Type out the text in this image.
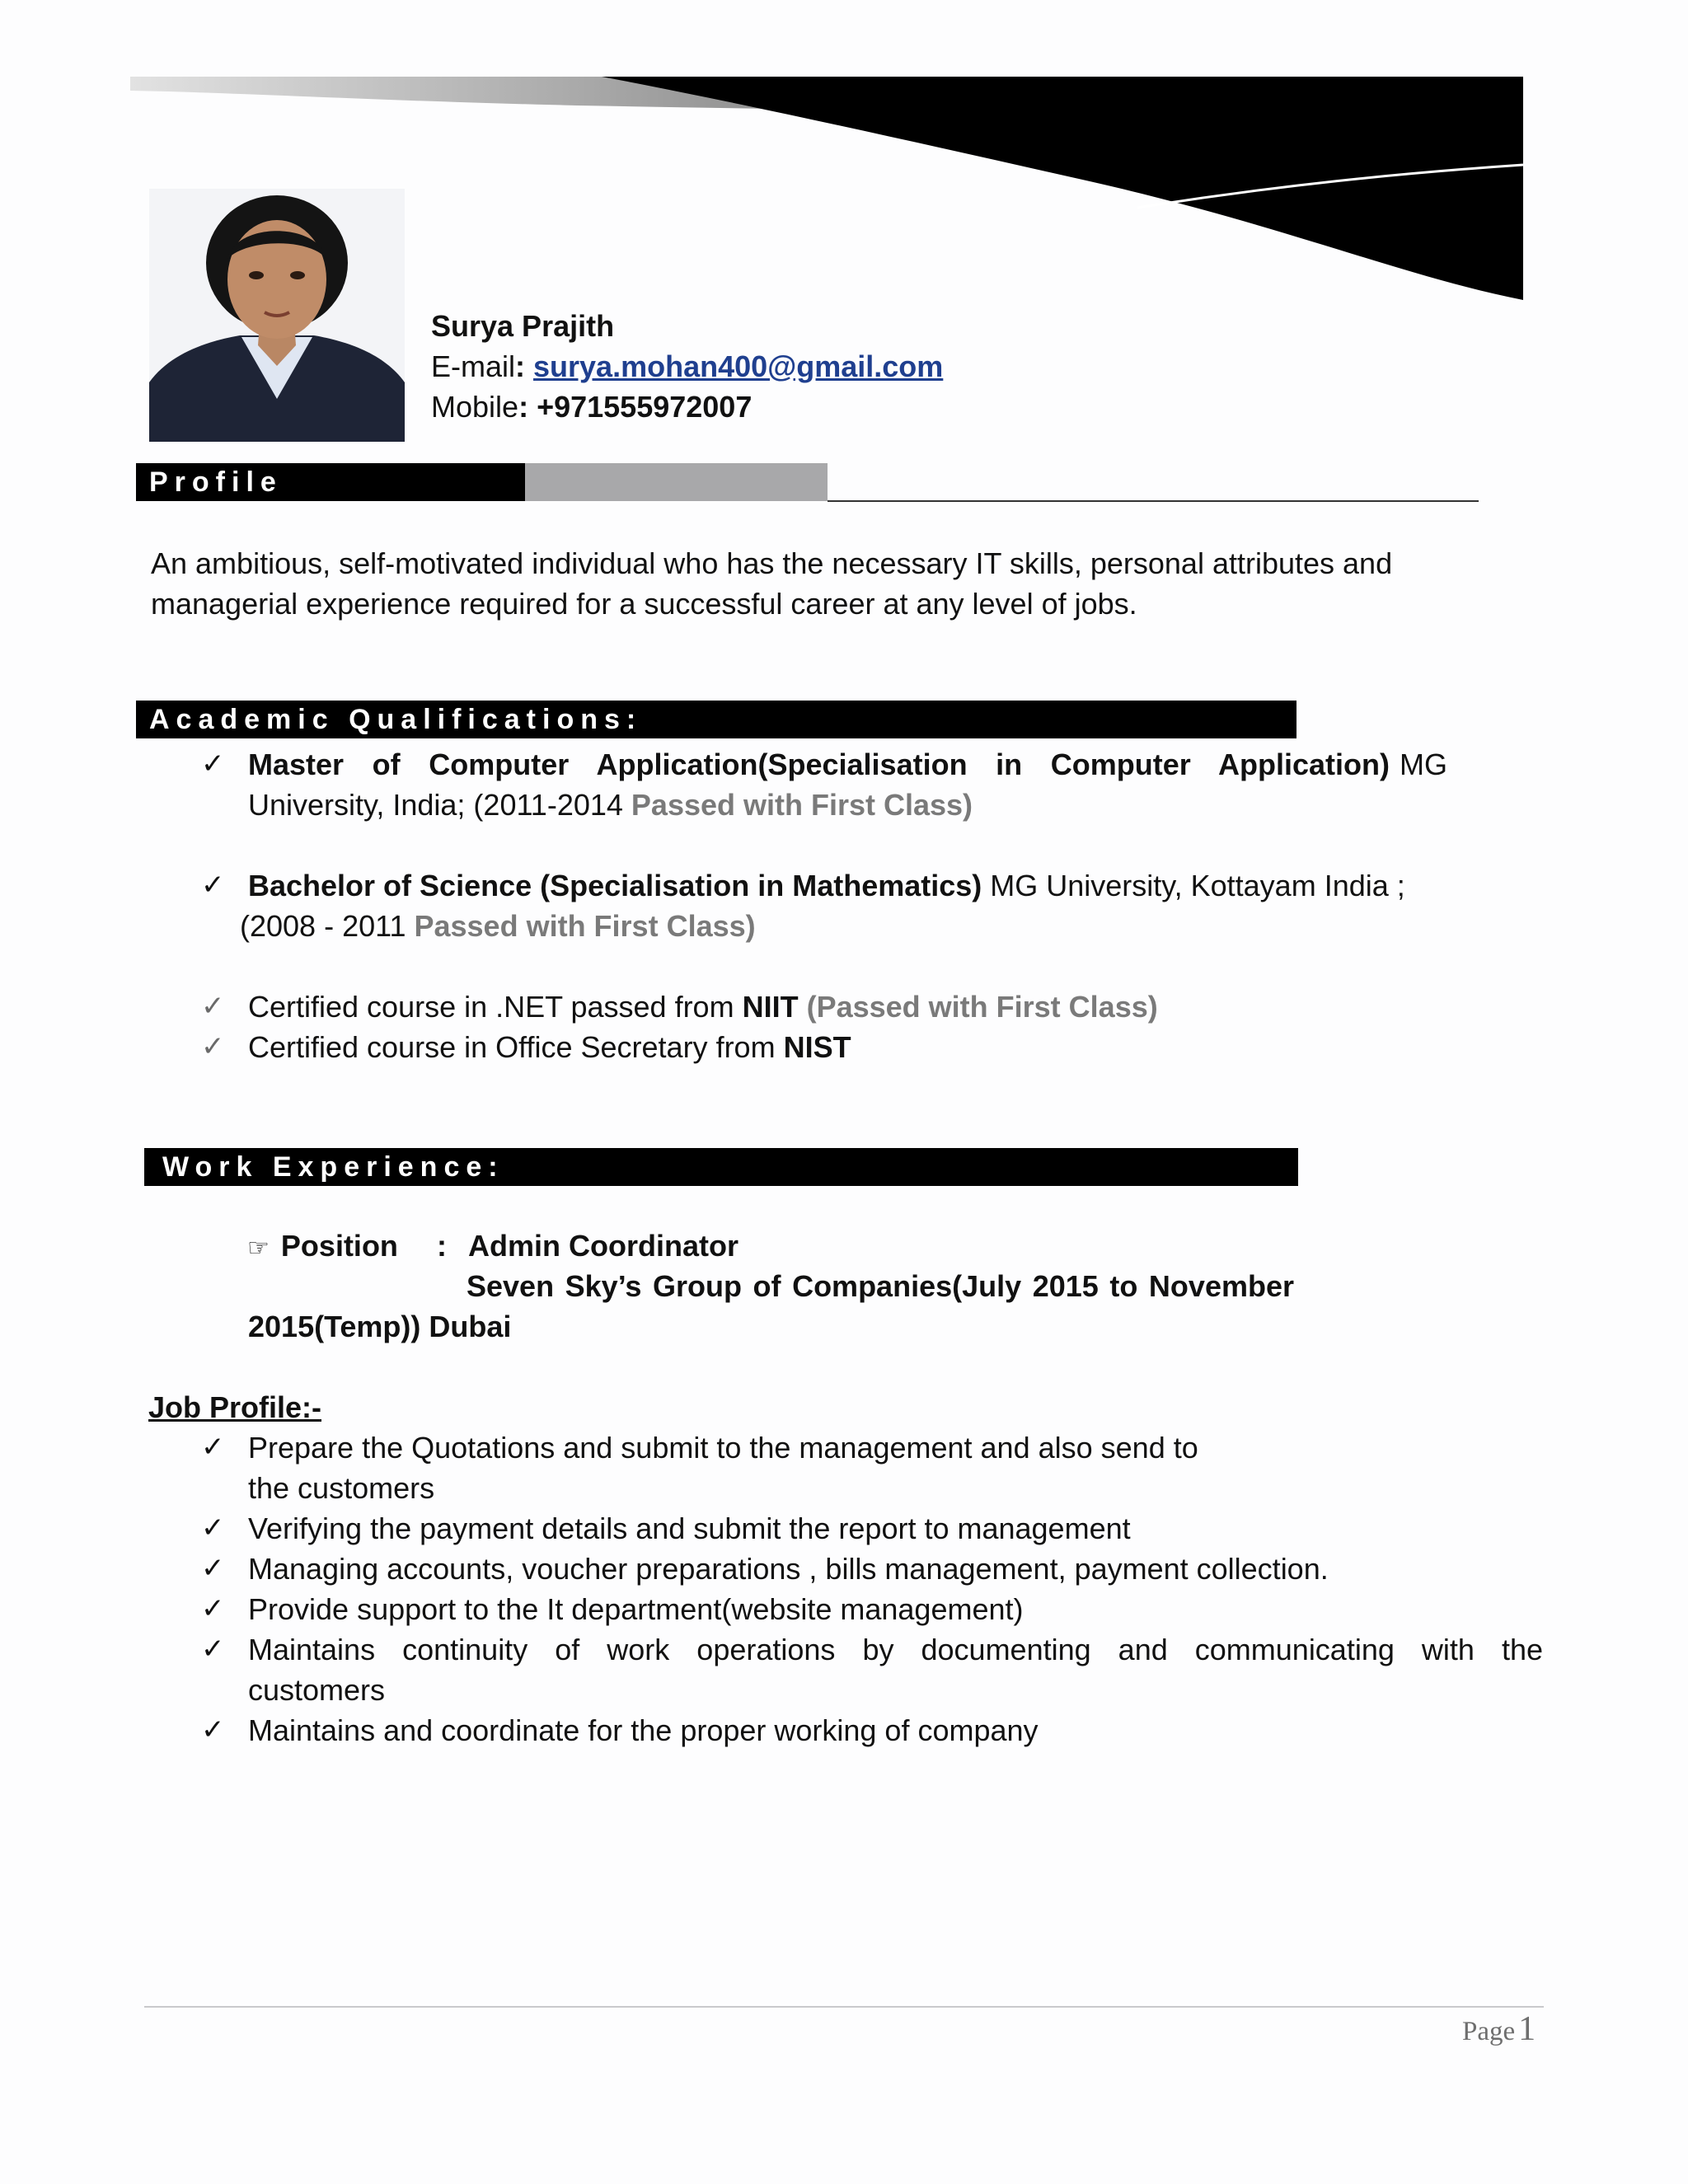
Surya Prajith
E-mail: surya.mohan400@gmail.com
Mobile: +971555972007
Profile
An ambitious, self-motivated individual who has the necessary IT skills, personal attributes and
managerial experience required for a successful career at any level of jobs.
Academic Qualifications:
✓ Master of Computer Application(Specialisation in Computer Application) MG
University, India; (2011-2014 Passed with First Class)
✓ Bachelor of Science (Specialisation in Mathematics) MG University, Kottayam India ;
(2008 - 2011 Passed with First Class)
✓ Certified course in .NET passed from NIIT (Passed with First Class)
✓ Certified course in Office Secretary from NIST
Work Experience:
☞ Position : Admin Coordinator
Seven Sky’s Group of Companies(July 2015 to November
2015(Temp)) Dubai
Job Profile:-
✓ Prepare the Quotations and submit to the management and also send to
the customers
✓ Verifying the payment details and submit the report to management
✓ Managing accounts, voucher preparations , bills management, payment collection.
✓ Provide support to the It department(website management)
✓ Maintains continuity of work operations by documenting and communicating with the
customers
✓ Maintains and coordinate for the proper working of company
Page 1
